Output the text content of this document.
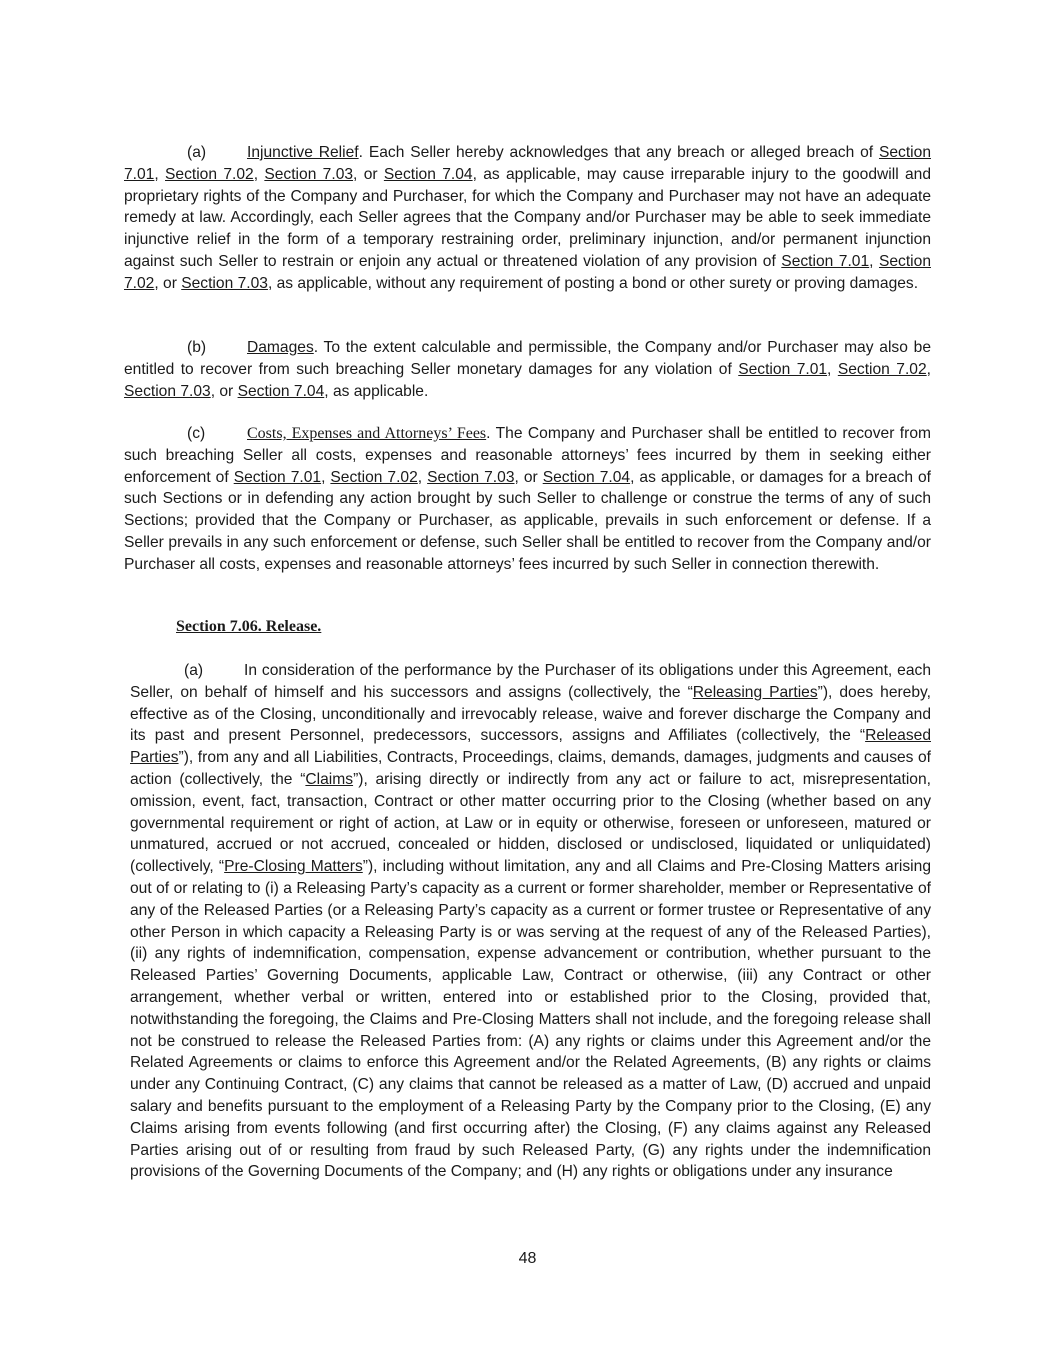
(a)	Injunctive Relief. Each Seller hereby acknowledges that any breach or alleged breach of Section 7.01, Section 7.02, Section 7.03, or Section 7.04, as applicable, may cause irreparable injury to the goodwill and proprietary rights of the Company and Purchaser, for which the Company and Purchaser may not have an adequate remedy at law. Accordingly, each Seller agrees that the Company and/or Purchaser may be able to seek immediate injunctive relief in the form of a temporary restraining order, preliminary injunction, and/or permanent injunction against such Seller to restrain or enjoin any actual or threatened violation of any provision of Section 7.01, Section 7.02, or Section 7.03, as applicable, without any requirement of posting a bond or other surety or proving damages.

(b)	Damages. To the extent calculable and permissible, the Company and/or Purchaser may also be entitled to recover from such breaching Seller monetary damages for any violation of Section 7.01, Section 7.02, Section 7.03, or Section 7.04, as applicable.

(c)	Costs, Expenses and Attorneys’ Fees. The Company and Purchaser shall be entitled to recover from such breaching Seller all costs, expenses and reasonable attorneys’ fees incurred by them in seeking either enforcement of Section 7.01, Section 7.02, Section 7.03, or Section 7.04, as applicable, or damages for a breach of such Sections or in defending any action brought by such Seller to challenge or construe the terms of any of such Sections; provided that the Company or Purchaser, as applicable, prevails in such enforcement or defense. If a Seller prevails in any such enforcement or defense, such Seller shall be entitled to recover from the Company and/or Purchaser all costs, expenses and reasonable attorneys’ fees incurred by such Seller in connection therewith.

Section 7.06. Release.

(a)	In consideration of the performance by the Purchaser of its obligations under this Agreement, each Seller, on behalf of himself and his successors and assigns (collectively, the “Releasing Parties”), does hereby, effective as of the Closing, unconditionally and irrevocably release, waive and forever discharge the Company and its past and present Personnel, predecessors, successors, assigns and Affiliates (collectively, the “Released Parties”), from any and all Liabilities, Contracts, Proceedings, claims, demands, damages, judgments and causes of action (collectively, the “Claims”), arising directly or indirectly from any act or failure to act, misrepresentation, omission, event, fact, transaction, Contract or other matter occurring prior to the Closing (whether based on any governmental requirement or right of action, at Law or in equity or otherwise, foreseen or unforeseen, matured or unmatured, accrued or not accrued, concealed or hidden, disclosed or undisclosed, liquidated or unliquidated) (collectively, “Pre-Closing Matters”), including without limitation, any and all Claims and Pre-Closing Matters arising out of or relating to (i) a Releasing Party’s capacity as a current or former shareholder, member or Representative of any of the Released Parties (or a Releasing Party’s capacity as a current or former trustee or Representative of any other Person in which capacity a Releasing Party is or was serving at the request of any of the Released Parties), (ii) any rights of indemnification, compensation, expense advancement or contribution, whether pursuant to the Released Parties’ Governing Documents, applicable Law, Contract or otherwise, (iii) any Contract or other arrangement, whether verbal or written, entered into or established prior to the Closing, provided that, notwithstanding the foregoing, the Claims and Pre-Closing Matters shall not include, and the foregoing release shall not be construed to release the Released Parties from: (A) any rights or claims under this Agreement and/or the Related Agreements or claims to enforce this Agreement and/or the Related Agreements, (B) any rights or claims under any Continuing Contract, (C) any claims that cannot be released as a matter of Law, (D) accrued and unpaid salary and benefits pursuant to the employment of a Releasing Party by the Company prior to the Closing, (E) any Claims arising from events following (and first occurring after) the Closing, (F) any claims against any Released Parties arising out of or resulting from fraud by such Released Party, (G) any rights under the indemnification provisions of the Governing Documents of the Company; and (H) any rights or obligations under any insurance

48
